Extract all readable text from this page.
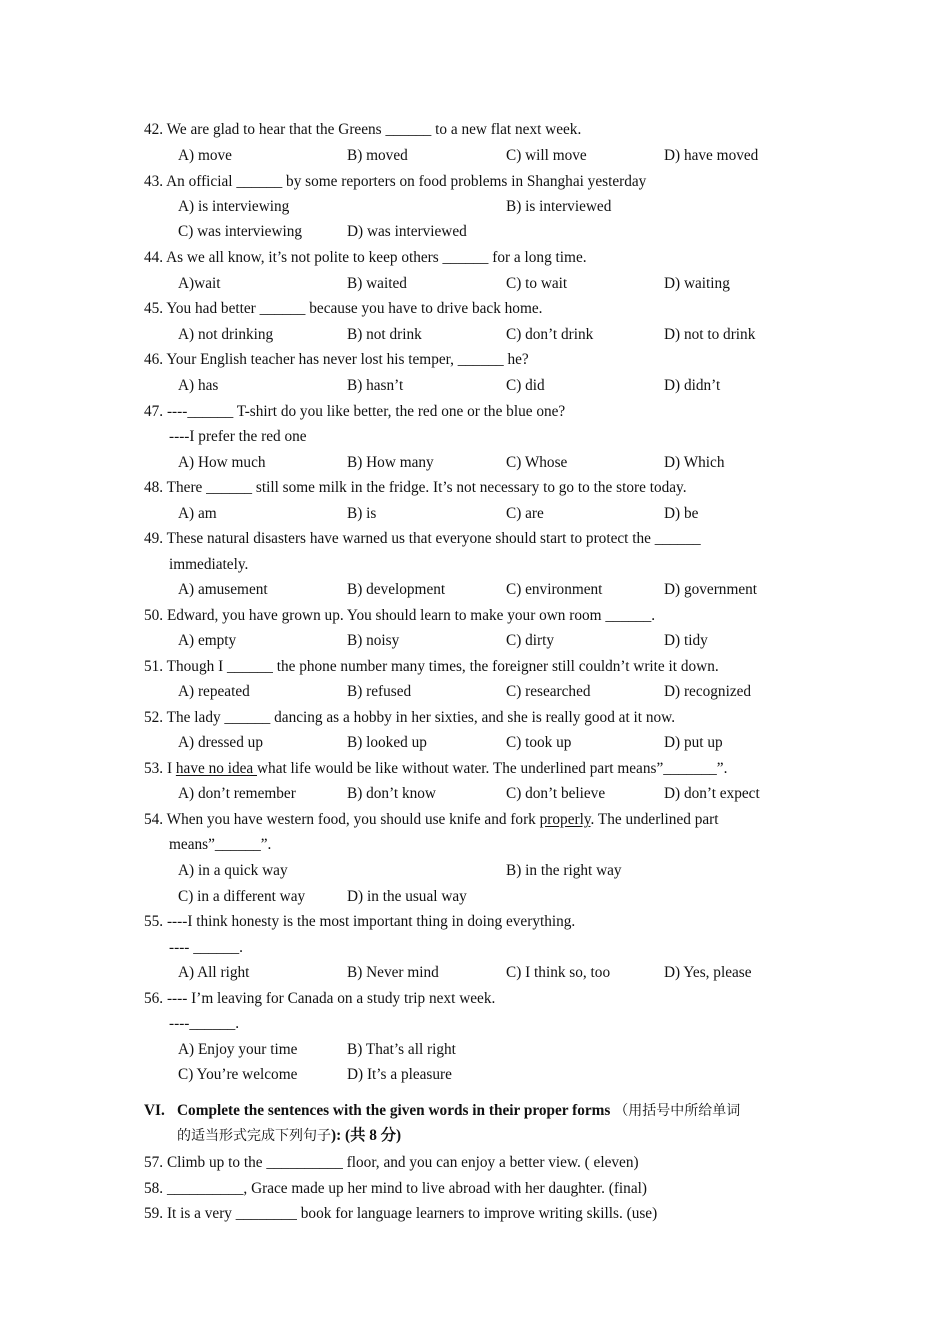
42. We are glad to hear that the Greens ______ to a new flat next week.
A) move	B) moved	C) will move	D) have moved
43. An official ______ by some reporters on food problems in Shanghai yesterday
A) is interviewing	B) is interviewed
C) was interviewing	D) was interviewed
44. As we all know, it’s not polite to keep others ______ for a long time.
A)wait	B) waited	C) to wait	D) waiting
45. You had better ______ because you have to drive back home.
A) not drinking	B) not drink	C) don’t drink	D) not to drink
46. Your English teacher has never lost his temper, ______ he?
A) has	B) hasn’t	C) did	D) didn’t
47. ----______ T-shirt do you like better, the red one or the blue one?
----I prefer the red one
A) How much	B) How many	C) Whose	D) Which
48. There ______ still some milk in the fridge. It’s not necessary to go to the store today.
A) am	B) is	C) are	D) be
49. These natural disasters have warned us that everyone should start to protect the ______
immediately.
A) amusement	B) development	C) environment	D) government
50. Edward, you have grown up. You should learn to make your own room ______.
A) empty	B) noisy	C) dirty	D) tidy
51. Though I ______ the phone number many times, the foreigner still couldn’t write it down.
A) repeated	B) refused	C) researched	D) recognized
52. The lady ______ dancing as a hobby in her sixties, and she is really good at it now.
A) dressed up	B) looked up	C) took up	D) put up
53. I have no idea what life would be like without water. The underlined part means”_______”.
A) don’t remember	B) don’t know	C) don’t believe	D) don’t expect
54. When you have western food, you should use knife and fork properly. The underlined part
means”______”.
A) in a quick way	B) in the right way
C) in a different way	D) in the usual way
55. ----I think honesty is the most important thing in doing everything.
---- ______.
A) All right	B) Never mind	C) I think so, too	D) Yes, please
56. ---- I’m leaving for Canada on a study trip next week.
----______.
A) Enjoy your time	B) That’s all right
C) You’re welcome	D) It’s a pleasure
VI. Complete the sentences with the given words in their proper forms （用括号中所给单词
的适当形式完成下列句子): (共 8 分)
57. Climb up to the __________ floor, and you can enjoy a better view. ( eleven)
58. __________, Grace made up her mind to live abroad with her daughter. (final)
59. It is a very ________ book for language learners to improve writing skills. (use)
